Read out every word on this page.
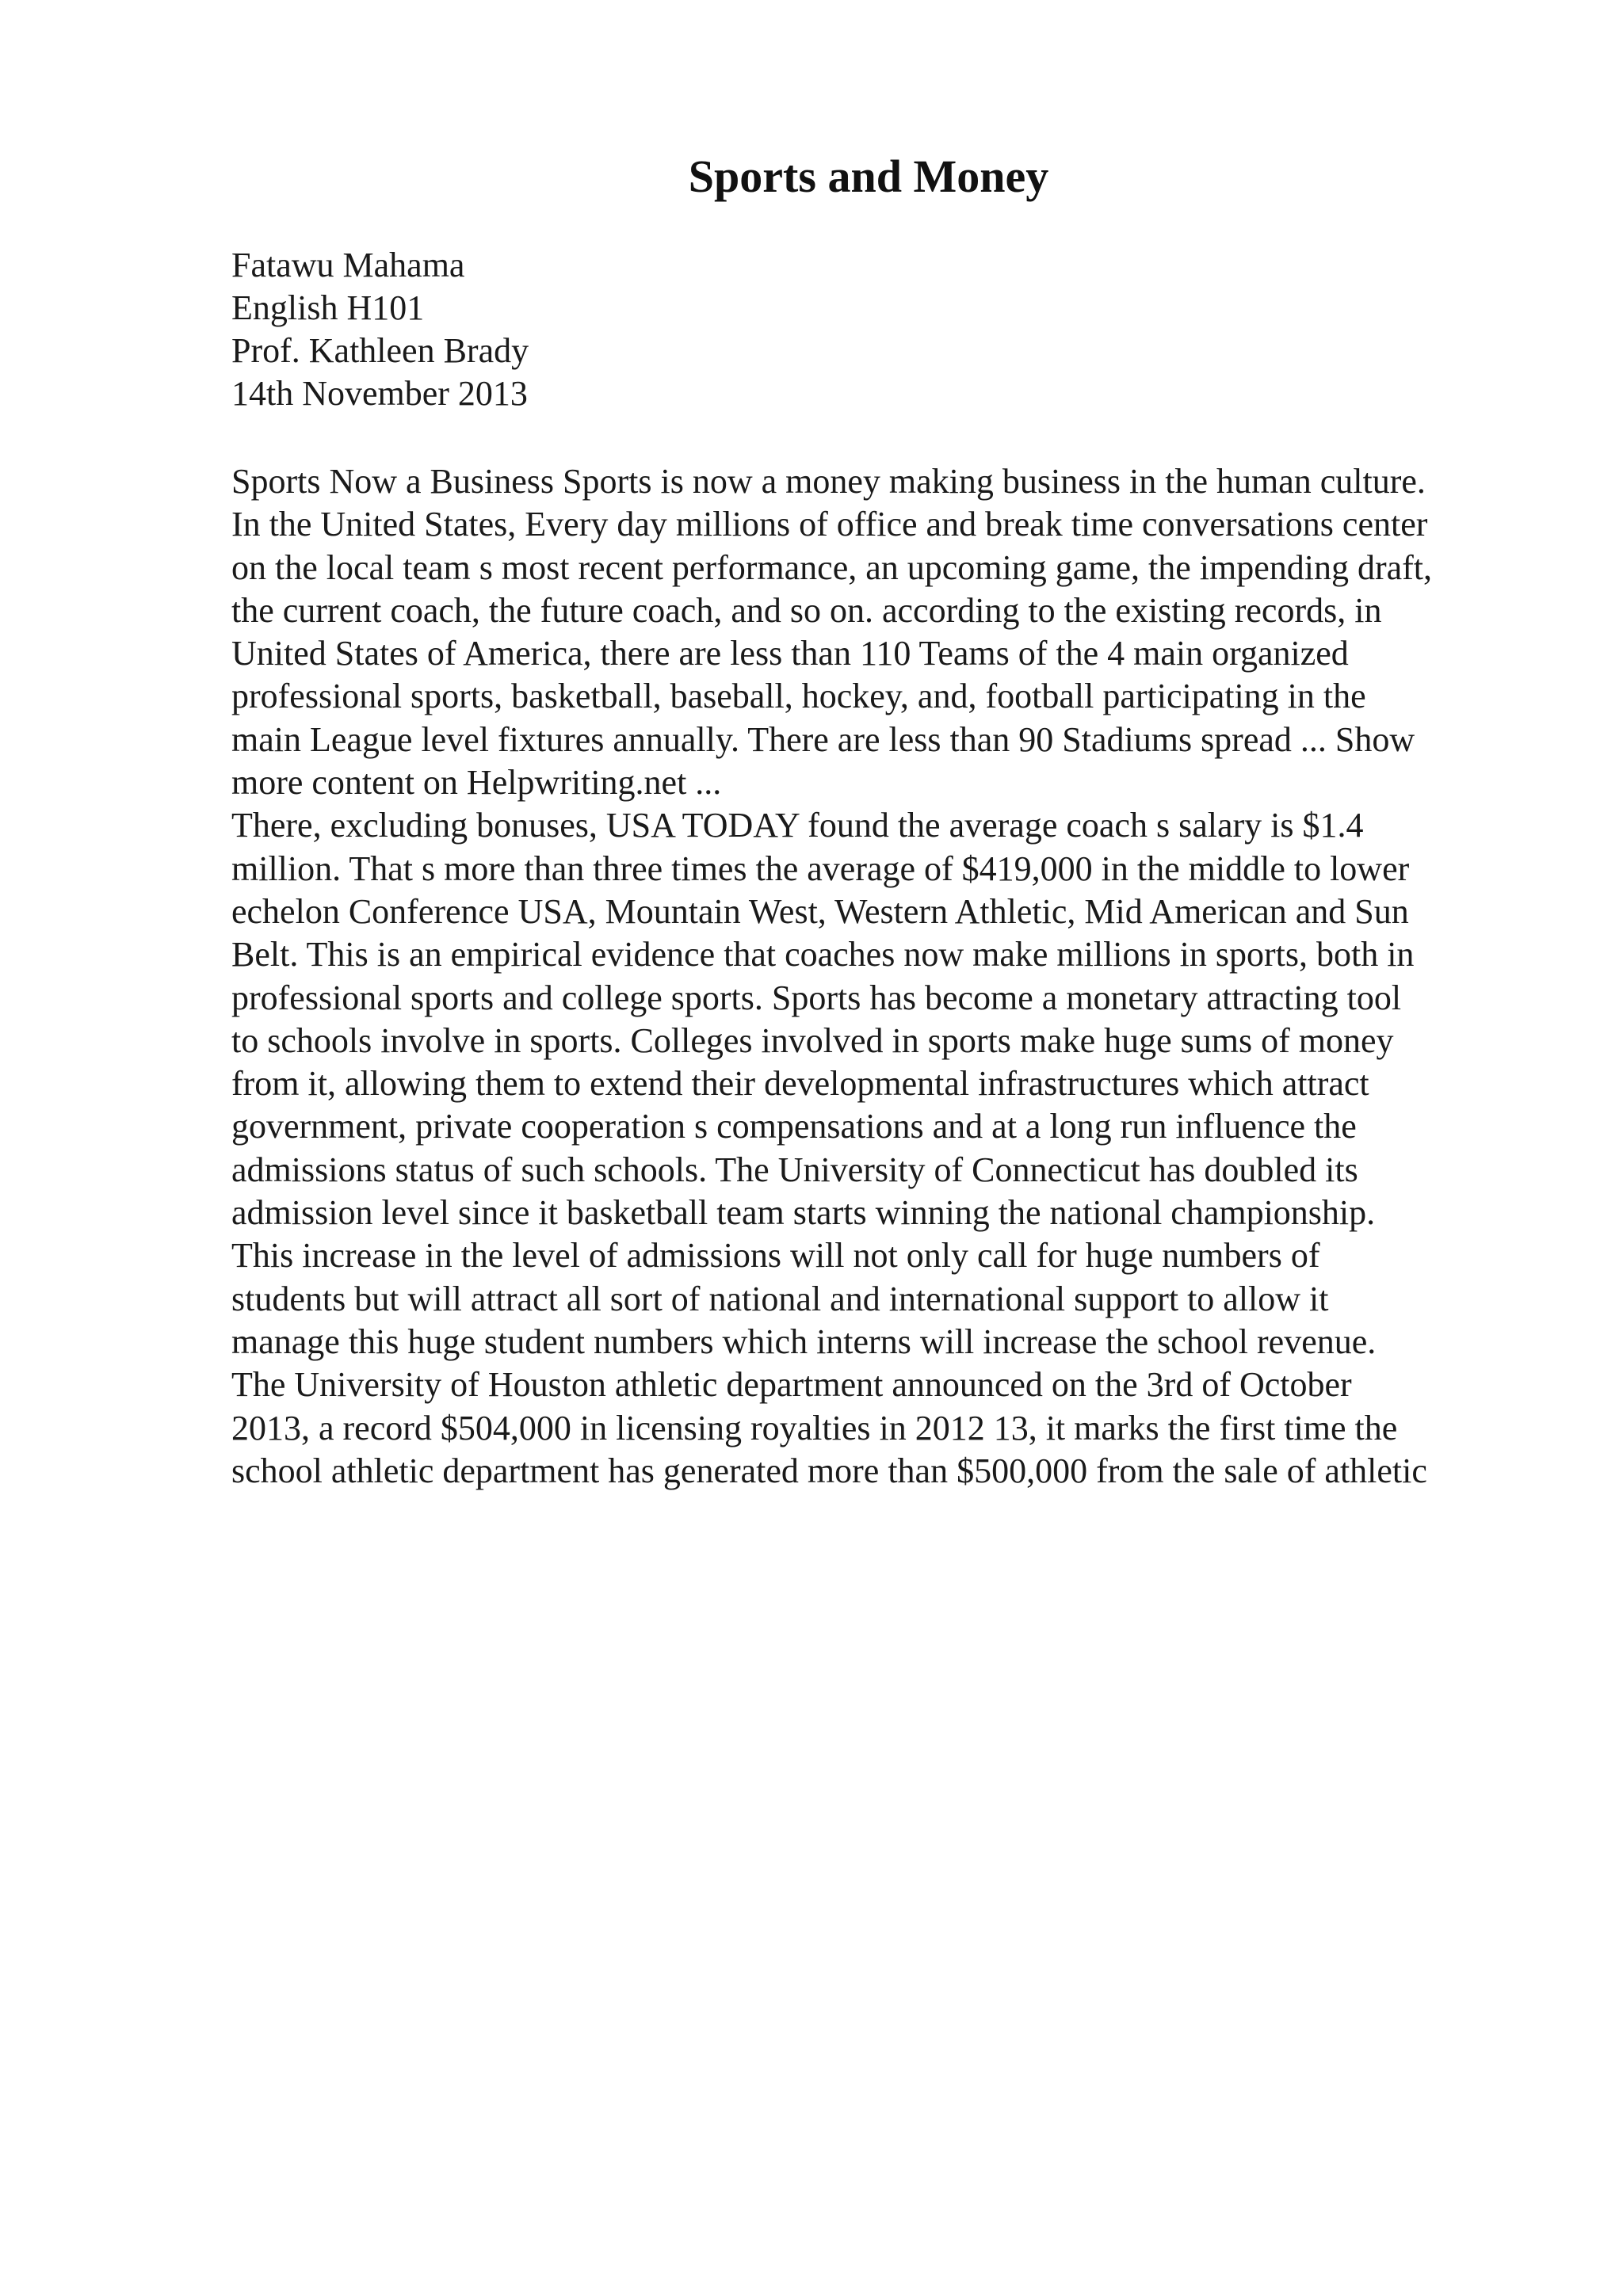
Sports and Money
Fatawu Mahama
English H101
Prof. Kathleen Brady
14th November 2013
Sports Now a Business Sports is now a money making business in the human culture.
In the United States, Every day millions of office and break time conversations center
on the local team s most recent performance, an upcoming game, the impending draft,
the current coach, the future coach, and so on. according to the existing records, in
United States of America, there are less than 110 Teams of the 4 main organized
professional sports, basketball, baseball, hockey, and, football participating in the
main League level fixtures annually. There are less than 90 Stadiums spread ... Show
more content on Helpwriting.net ...
There, excluding bonuses, USA TODAY found the average coach s salary is $1.4
million. That s more than three times the average of $419,000 in the middle to lower
echelon Conference USA, Mountain West, Western Athletic, Mid American and Sun
Belt. This is an empirical evidence that coaches now make millions in sports, both in
professional sports and college sports. Sports has become a monetary attracting tool
to schools involve in sports. Colleges involved in sports make huge sums of money
from it, allowing them to extend their developmental infrastructures which attract
government, private cooperation s compensations and at a long run influence the
admissions status of such schools. The University of Connecticut has doubled its
admission level since it basketball team starts winning the national championship.
This increase in the level of admissions will not only call for huge numbers of
students but will attract all sort of national and international support to allow it
manage this huge student numbers which interns will increase the school revenue.
The University of Houston athletic department announced on the 3rd of October
2013, a record $504,000 in licensing royalties in 2012 13, it marks the first time the
school athletic department has generated more than $500,000 from the sale of athletic
